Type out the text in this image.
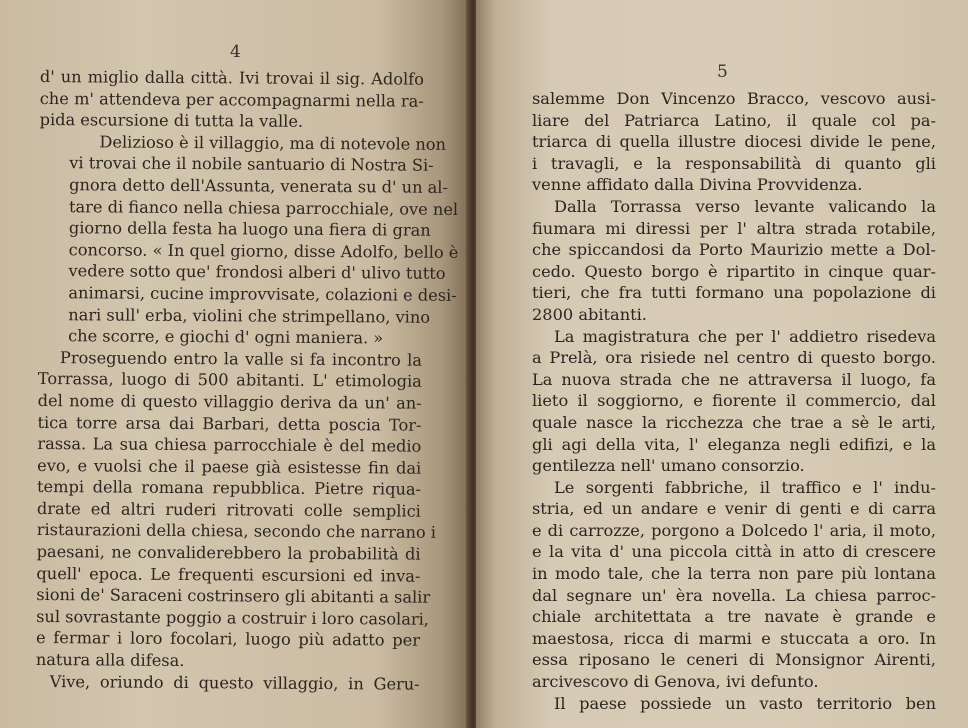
4

d' un miglio dalla città. Ivi trovai il sig. Adolfo
che m' attendeva per accompagnarmi nella ra-
pida escursione di tutta la valle.

Delizioso è il villaggio, ma di notevole non
vi trovai che il nobile santuario di Nostra Si-
gnora detto dell'Assunta, venerata su d' un al-
tare di fianco nella chiesa parrocchiale, ove nel
giorno della festa ha luogo una fiera di gran
concorso. « In quel giorno, disse Adolfo, bello è
vedere sotto que' frondosi alberi d' ulivo tutto
animarsi, cucine improvvisate, colazioni e desi-
nari sull' erba, violini che strimpellano, vino
che scorre, e giochi d' ogni maniera. »

Proseguendo entro la valle si fa incontro la
Torrassa, luogo di 500 abitanti. L' etimologia
del nome di questo villaggio deriva da un' an-
tica torre arsa dai Barbari, detta poscia Tor-
rassa. La sua chiesa parrocchiale è del medio
evo, e vuolsi che il paese già esistesse fin dai
tempi della romana repubblica. Pietre riqua-
drate ed altri ruderi ritrovati colle semplici
ristaurazioni della chiesa, secondo che narrano i
paesani, ne convaliderebbero la probabilità di
quell' epoca. Le frequenti escursioni ed inva-
sioni de' Saraceni costrinsero gli abitanti a salir
sul sovrastante poggio a costruir i loro casolari,
e fermar i loro focolari, luogo più adatto per
natura alla difesa.

Vive, oriundo di questo villaggio, in Geru-

5

salemme Don Vincenzo Bracco, vescovo ausi-
liare del Patriarca Latino, il quale col pa-
triarca di quella illustre diocesi divide le pene,
i travagli, e la responsabilità di quanto gli
venne affidato dalla Divina Provvidenza.

Dalla Torrassa verso levante valicando la
fiumara mi diressi per l' altra strada rotabile,
che spiccandosi da Porto Maurizio mette a Dol-
cedo. Questo borgo è ripartito in cinque quar-
tieri, che fra tutti formano una popolazione di
2800 abitanti.

La magistratura che per l' addietro risedeva
a Prelà, ora risiede nel centro di questo borgo.
La nuova strada che ne attraversa il luogo, fa
lieto il soggiorno, e fiorente il commercio, dal
quale nasce la ricchezza che trae a sè le arti,
gli agi della vita, l' eleganza negli edifizi, e la
gentilezza nell' umano consorzio.

Le sorgenti fabbriche, il traffico e l' indu-
stria, ed un andare e venir di genti e di carra
e di carrozze, porgono a Dolcedo l' aria, il moto,
e la vita d' una piccola città in atto di crescere
in modo tale, che la terra non pare più lontana
dal segnare un' èra novella. La chiesa parroc-
chiale architettata a tre navate è grande e
maestosa, ricca di marmi e stuccata a oro. In
essa riposano le ceneri di Monsignor Airenti,
arcivescovo di Genova, ivi defunto.

Il paese possiede un vasto territorio ben
